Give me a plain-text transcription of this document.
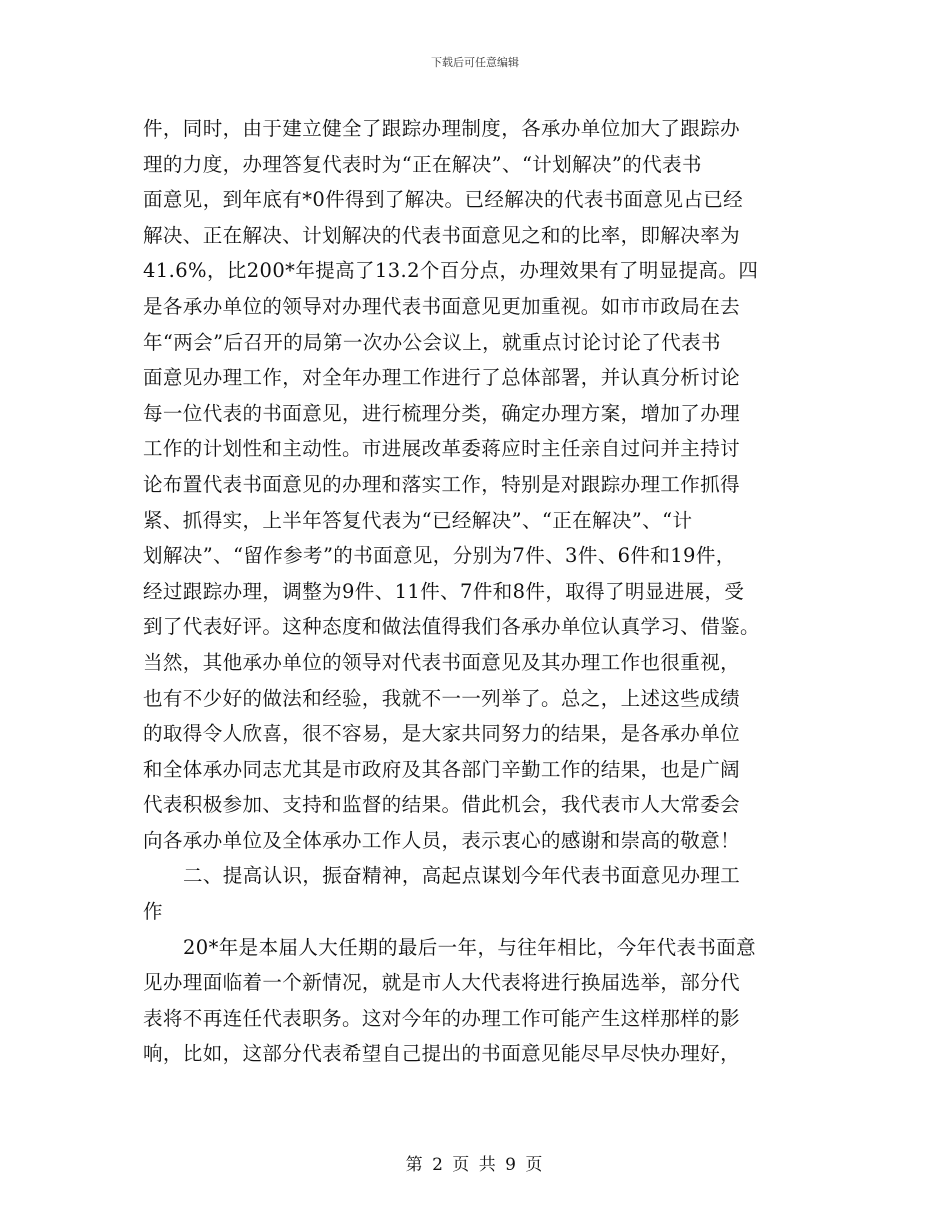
下载后可任意编辑
件，同时，由于建立健全了跟踪办理制度，各承办单位加大了跟踪办
理的力度，办理答复代表时为“正在解决”、“计划解决”的代表书
面意见，到年底有*0件得到了解决。已经解决的代表书面意见占已经
解决、正在解决、计划解决的代表书面意见之和的比率，即解决率为
41.6%，比200*年提高了13.2个百分点，办理效果有了明显提高。四
是各承办单位的领导对办理代表书面意见更加重视。如市市政局在去
年“两会”后召开的局第一次办公会议上，就重点讨论讨论了代表书
面意见办理工作，对全年办理工作进行了总体部署，并认真分析讨论
每一位代表的书面意见，进行梳理分类，确定办理方案，增加了办理
工作的计划性和主动性。市进展改革委蒋应时主任亲自过问并主持讨
论布置代表书面意见的办理和落实工作，特别是对跟踪办理工作抓得
紧、抓得实，上半年答复代表为“已经解决”、“正在解决”、“计
划解决”、“留作参考”的书面意见，分别为7件、3件、6件和19件，
经过跟踪办理，调整为9件、11件、7件和8件，取得了明显进展，受
到了代表好评。这种态度和做法值得我们各承办单位认真学习、借鉴。
当然，其他承办单位的领导对代表书面意见及其办理工作也很重视，
也有不少好的做法和经验，我就不一一列举了。总之，上述这些成绩
的取得令人欣喜，很不容易，是大家共同努力的结果，是各承办单位
和全体承办同志尤其是市政府及其各部门辛勤工作的结果，也是广阔
代表积极参加、支持和监督的结果。借此机会，我代表市人大常委会
向各承办单位及全体承办工作人员，表示衷心的感谢和崇高的敬意！
二、提高认识，振奋精神，高起点谋划今年代表书面意见办理工
作
20*年是本届人大任期的最后一年，与往年相比，今年代表书面意
见办理面临着一个新情况，就是市人大代表将进行换届选举，部分代
表将不再连任代表职务。这对今年的办理工作可能产生这样那样的影
响，比如，这部分代表希望自己提出的书面意见能尽早尽快办理好，
第 2 页 共 9 页
